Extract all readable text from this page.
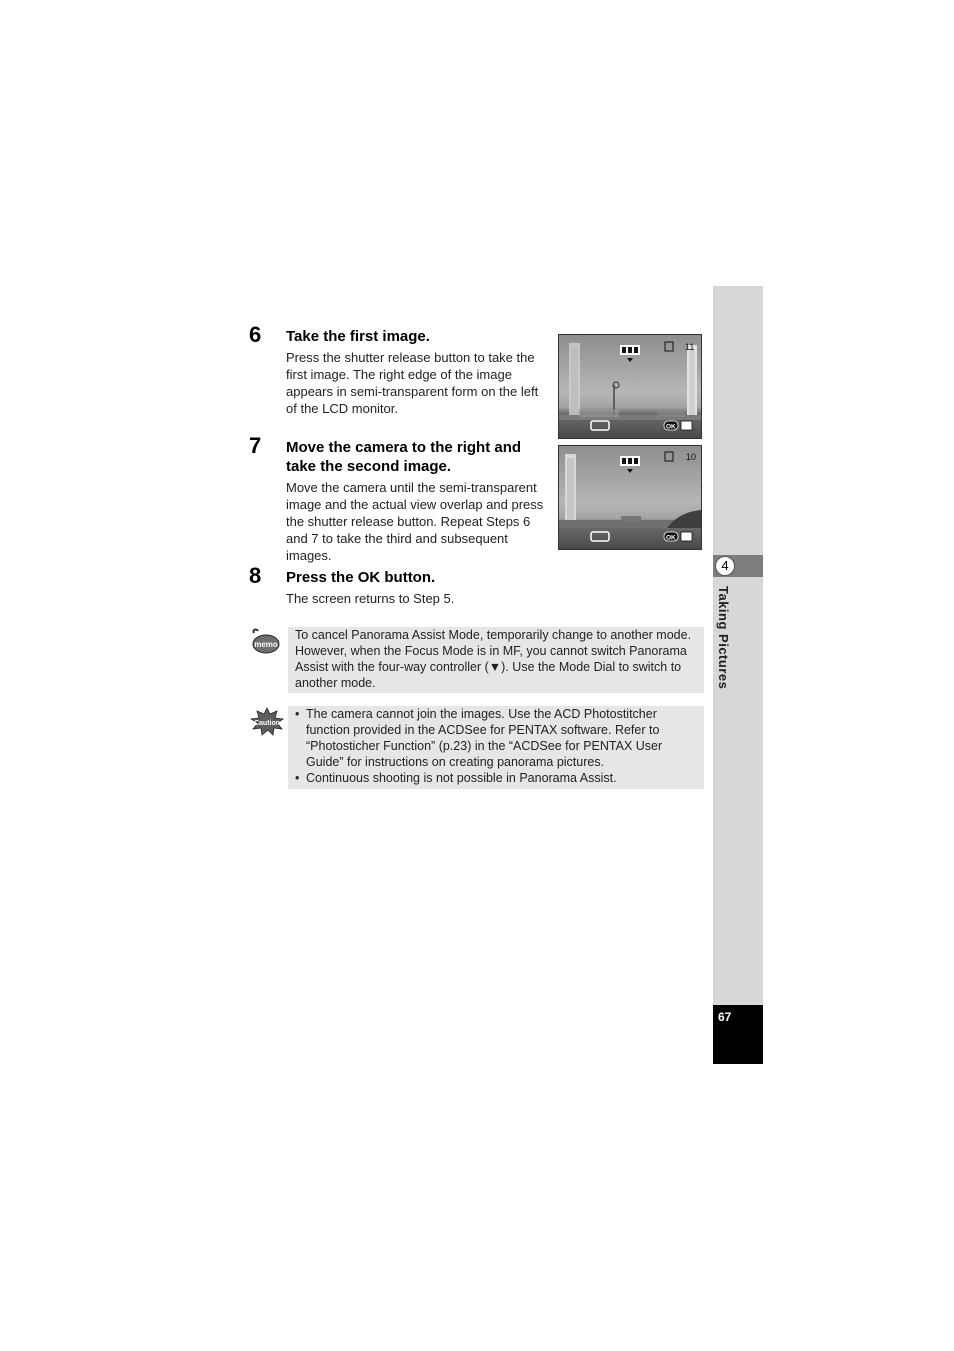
4
Taking Pictures
67
6 Take the first image.
Press the shutter release button to take the first image. The right edge of the image appears in semi-transparent form on the left of the LCD monitor.
7 Move the camera to the right and take the second image.
Move the camera until the semi-transparent image and the actual view overlap and press the shutter release button. Repeat Steps 6 and 7 to take the third and subsequent images.
8 Press the OK button.
The screen returns to Step 5.
11
OK
10
OK
memo
To cancel Panorama Assist Mode, temporarily change to another mode. However, when the Focus Mode is in MF, you cannot switch Panorama Assist with the four-way controller (▼). Use the Mode Dial to switch to another mode.
Caution
• The camera cannot join the images. Use the ACD Photostitcher function provided in the ACDSee for PENTAX software. Refer to “Photosticher Function” (p.23) in the “ACDSee for PENTAX User Guide” for instructions on creating panorama pictures.
• Continuous shooting is not possible in Panorama Assist.
